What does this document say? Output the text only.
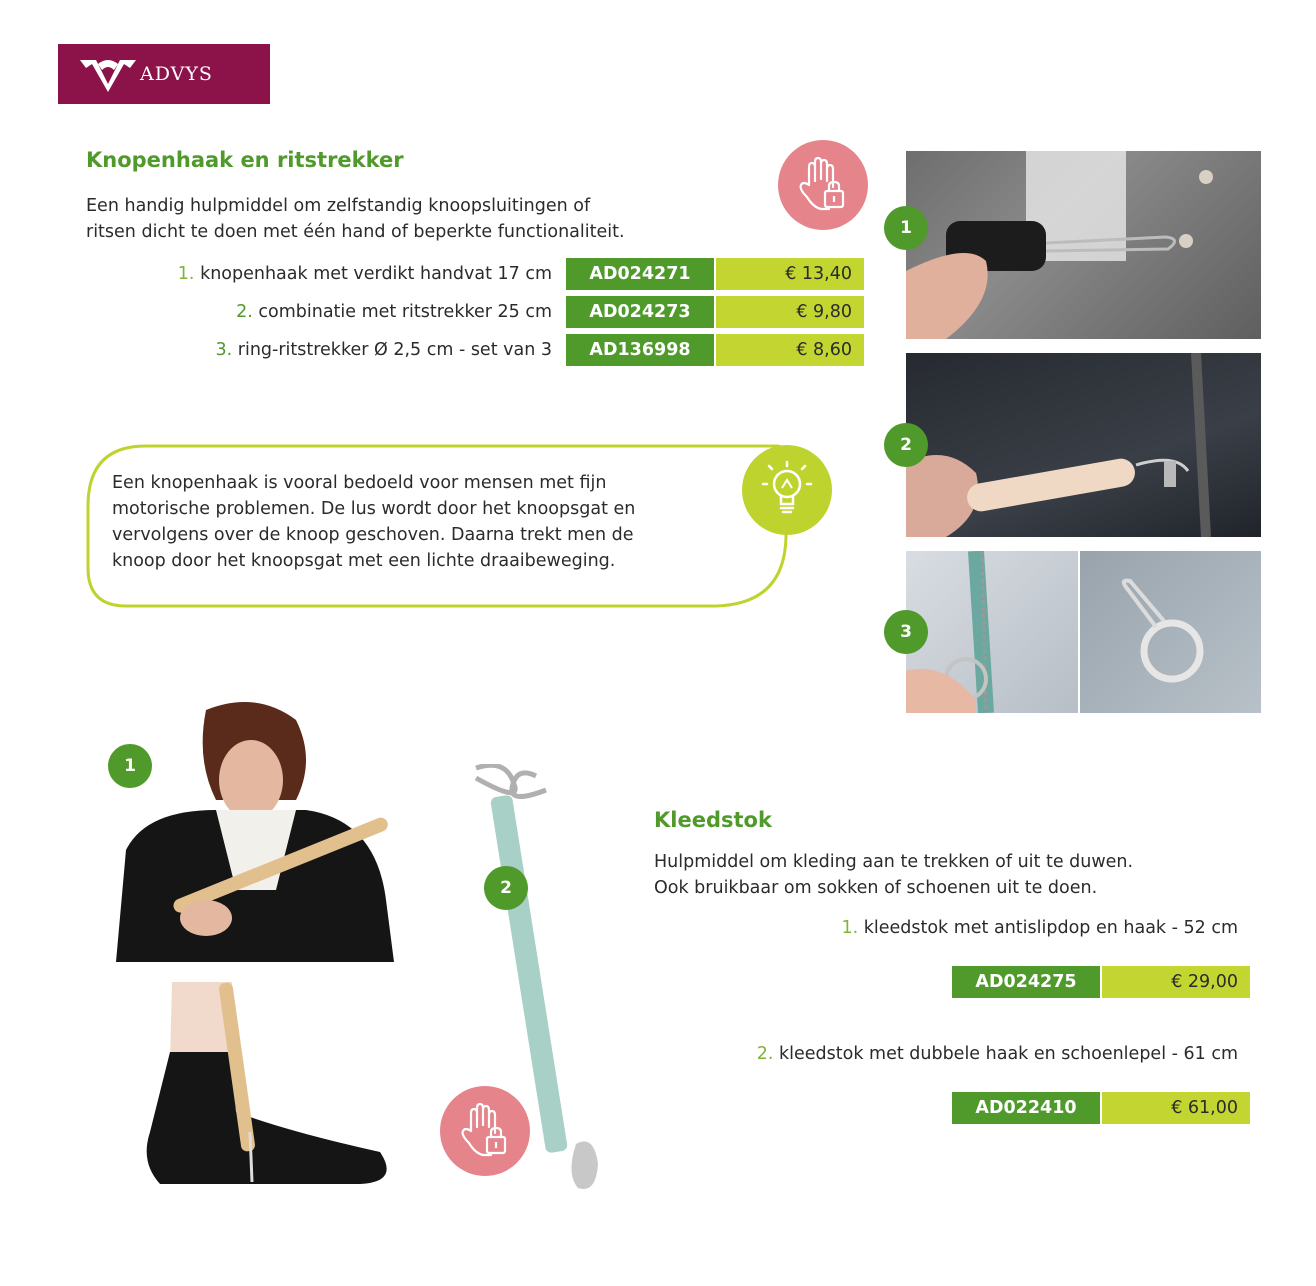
ADVYS
Knopenhaak en ritstrekker
Een handig hulpmiddel om zelfstandig knoopsluitingen of
ritsen dicht te doen met één hand of beperkte functionaliteit.
1. knopenhaak met verdikt handvat 17 cm	AD024271	€ 13,40
2. combinatie met ritstrekker 25 cm	AD024273	€ 9,80
3. ring-ritstrekker Ø 2,5 cm - set van 3	AD136998	€ 8,60
Een knopenhaak is vooral bedoeld voor mensen met fijn
motorische problemen. De lus wordt door het knoopsgat en
vervolgens over de knoop geschoven. Daarna trekt men de
knoop door het knoopsgat met een lichte draaibeweging.
1
2
3
1
2
Kleedstok
Hulpmiddel om kleding aan te trekken of uit te duwen.
Ook bruikbaar om sokken of schoenen uit te doen.
1. kleedstok met antislipdop en haak - 52 cm
AD024275	€ 29,00
2. kleedstok met dubbele haak en schoenlepel - 61 cm
AD022410	€ 61,00
